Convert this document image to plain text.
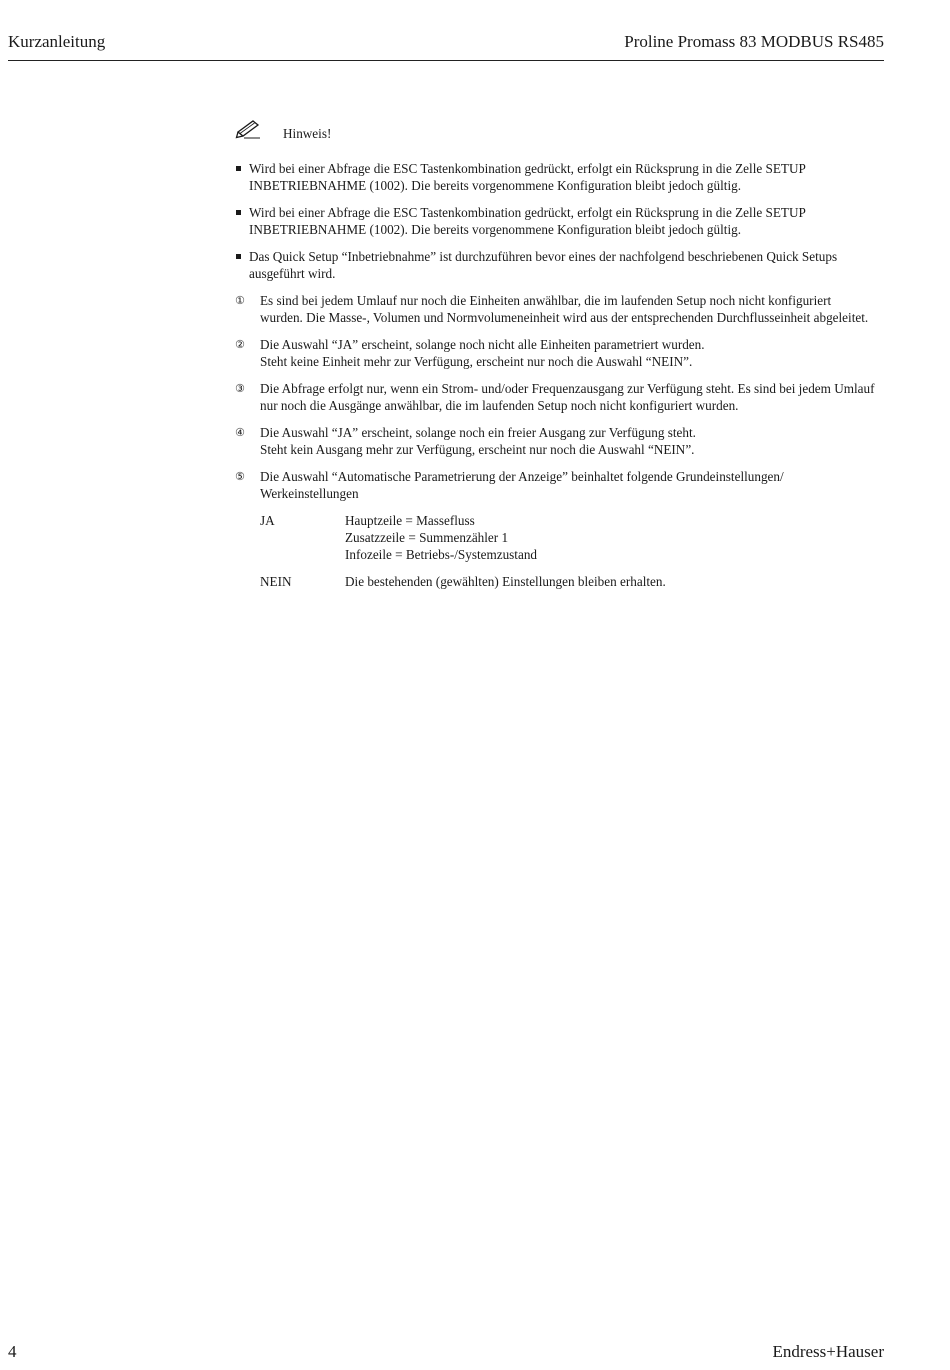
Kurzanleitung	Proline Promass 83 MODBUS RS485
Hinweis!
Wird bei einer Abfrage die ESC Tastenkombination gedrückt, erfolgt ein Rücksprung in die Zelle SETUP INBETRIEBNAHME (1002). Die bereits vorgenommene Konfiguration bleibt jedoch gültig.
Wird bei einer Abfrage die ESC Tastenkombination gedrückt, erfolgt ein Rücksprung in die Zelle SETUP INBETRIEBNAHME (1002). Die bereits vorgenommene Konfiguration bleibt jedoch gültig.
Das Quick Setup “Inbetriebnahme” ist durchzuführen bevor eines der nachfolgend beschriebenen Quick Setups ausgeführt wird.
① Es sind bei jedem Umlauf nur noch die Einheiten anwählbar, die im laufenden Setup noch nicht konfiguriert
wurden. Die Masse-, Volumen und Normvolumeneinheit wird aus der entsprechenden Durchflusseinheit abgeleitet.
② Die Auswahl “JA” erscheint, solange noch nicht alle Einheiten parametriert wurden.
Steht keine Einheit mehr zur Verfügung, erscheint nur noch die Auswahl “NEIN”.
③ Die Abfrage erfolgt nur, wenn ein Strom- und/oder Frequenzausgang zur Verfügung steht. Es sind bei jedem Umlauf
nur noch die Ausgänge anwählbar, die im laufenden Setup noch nicht konfiguriert wurden.
④ Die Auswahl “JA” erscheint, solange noch ein freier Ausgang zur Verfügung steht.
Steht kein Ausgang mehr zur Verfügung, erscheint nur noch die Auswahl “NEIN”.
⑤ Die Auswahl “Automatische Parametrierung der Anzeige” beinhaltet folgende Grundeinstellungen/
Werkeinstellungen
JA	Hauptzeile = Massefluss
Zusatzzeile = Summenzähler 1
Infozeile = Betriebs-/Systemzustand
NEIN	Die bestehenden (gewählten) Einstellungen bleiben erhalten.
4	Endress+Hauser
